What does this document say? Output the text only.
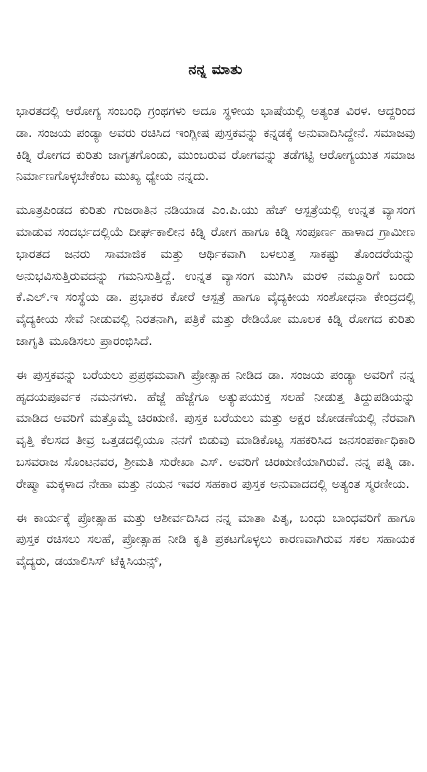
ನನ್ನ ಮಾತು

ಭಾರತದಲ್ಲಿ ಆರೋಗ್ಯ ಸಂಬಂಧಿ ಗ್ರಂಥಗಳು ಅದೂ ಸ್ಥಳೀಯ ಭಾಷೆಯಲ್ಲಿ ಅತ್ಯಂತ ವಿರಳ. ಆದ್ದರಿಂದ ಡಾ. ಸಂಜಯ ಪಂಡ್ಯಾ ಅವರು ರಚಿಸಿದ ಇಂಗ್ಲೀಷ ಪುಸ್ತಕವನ್ನು ಕನ್ನಡಕ್ಕೆ ಅನುವಾದಿಸಿದ್ದೇನೆ. ಸಮಾಜವು ಕಿಡ್ನಿ ರೋಗದ ಕುರಿತು ಜಾಗೃತಗೊಂಡು, ಮುಂಬರುವ ರೋಗವನ್ನು ತಡೆಗಟ್ಟಿ ಆರೋಗ್ಯಯುತ ಸಮಾಜ ನಿರ್ಮಾಣಗೊಳ್ಳಬೇಕೆಂಬ ಮುಖ್ಯ ಧ್ಯೇಯ ನನ್ನದು.

ಮೂತ್ರಪಿಂಡದ ಕುರಿತು ಗುಜರಾತಿನ ನಡಿಯಾಡ ಎಂ.ಪಿ.ಯು ಹೆಚ್ ಆಸ್ಪತ್ರೆಯಲ್ಲಿ ಉನ್ನತ ವ್ಯಾಸಂಗ ಮಾಡುವ ಸಂದರ್ಭದಲ್ಲಿಯೆ ದೀರ್ಘಕಾಲೀನ ಕಿಡ್ನಿ ರೋಗ ಹಾಗೂ ಕಿಡ್ನಿ ಸಂಪೂರ್ಣ ಹಾಳಾದ ಗ್ರಾಮೀಣ ಭಾರತದ ಜನರು ಸಾಮಾಜಿಕ ಮತ್ತು ಆರ್ಥಿಕವಾಗಿ ಬಳಲುತ್ತ ಸಾಕಷ್ಟು ತೊಂದರೆಯನ್ನು ಅನುಭವಿಸುತ್ತಿರುವದನ್ನು ಗಮನಿಸುತ್ತಿದ್ದೆ. ಉನ್ನತ ವ್ಯಾಸಂಗ ಮುಗಿಸಿ ಮರಳಿ ನಮ್ಮೂರಿಗೆ ಬಂದು ಕೆ.ಎಲ್.ಇ ಸಂಸ್ಥೆಯ ಡಾ. ಪ್ರಭಾಕರ ಕೋರೆ ಆಸ್ಪತ್ರೆ ಹಾಗೂ ವೈದ್ಯಕೀಯ ಸಂಶೋಧನಾ ಕೇಂದ್ರದಲ್ಲಿ ವೈದ್ಯಕೀಯ ಸೇವೆ ನೀಡುವಲ್ಲಿ ನಿರತನಾಗಿ, ಪತ್ರಿಕೆ ಮತ್ತು ರೇಡಿಯೋ ಮೂಲಕ ಕಿಡ್ನಿ ರೋಗದ ಕುರಿತು ಜಾಗೃತಿ ಮೂಡಿಸಲು ಪ್ರಾರಂಭಿಸಿದೆ.

ಈ ಪುಸ್ತಕವನ್ನು ಬರೆಯಲು ಪ್ರಪ್ರಥಮವಾಗಿ ಪ್ರೋತ್ಸಾಹ ನೀಡಿದ ಡಾ. ಸಂಜಯ ಪಂಡ್ಯಾ ಅವರಿಗೆ ನನ್ನ ಹೃದಯಪೂರ್ವಕ ನಮನಗಳು. ಹೆಜ್ಜೆ ಹೆಜ್ಜೆಗೂ ಅತ್ಯುಪಯುಕ್ತ ಸಲಹೆ ನೀಡುತ್ತ ತಿದ್ದುಪಡಿಯನ್ನು ಮಾಡಿದ ಅವರಿಗೆ ಮತ್ತೊಮ್ಮೆ ಚಿರಋಣಿ. ಪುಸ್ತಕ ಬರೆಯಲು ಮತ್ತು ಅಕ್ಷರ ಜೋಡಣೆಯಲ್ಲಿ ನೆರವಾಗಿ ವೃತ್ತಿ ಕೆಲಸದ ತೀವ್ರ ಒತ್ತಡದಲ್ಲಿಯೂ ನನಗೆ ಬಿಡುವು ಮಾಡಿಕೊಟ್ಟ ಸಹಕರಿಸಿದ ಜನಸಂಪರ್ಕಾಧಿಕಾರಿ ಬಸವರಾಜ ಸೊಂಟನವರ, ಶ್ರೀಮತಿ ಸುರೇಖಾ ಎಸ್. ಅವರಿಗೆ ಚಿರಋಣಿಯಾಗಿರುವೆ. ನನ್ನ ಪತ್ನಿ ಡಾ. ರೇಷ್ಮಾ ಮಕ್ಕಳಾದ ನೇಹಾ ಮತ್ತು ನಯನ ಇವರ ಸಹಕಾರ ಪುಸ್ತಕ ಅನುವಾದದಲ್ಲಿ ಅತ್ಯಂತ ಸ್ಮರಣೀಯ.

ಈ ಕಾರ್ಯಕ್ಕೆ ಪ್ರೋತ್ಸಾಹ ಮತ್ತು ಆಶೀರ್ವದಿಸಿದ ನನ್ನ ಮಾತಾ ಪಿತೃ, ಬಂಧು ಬಾಂಧವರಿಗೆ ಹಾಗೂ ಪುಸ್ತಕ ರಚಿಸಲು ಸಲಹೆ, ಪ್ರೋತ್ಸಾಹ ನೀಡಿ ಕೃತಿ ಪ್ರಕಟಗೊಳ್ಳಲು ಕಾರಣವಾಗಿರುವ ಸಕಲ ಸಹಾಯಕ ವೈದ್ಯರು, ಡಯಾಲಿಸಿಸ್ ಟೆಕ್ನಿಸಿಯನ್ಸ್,
